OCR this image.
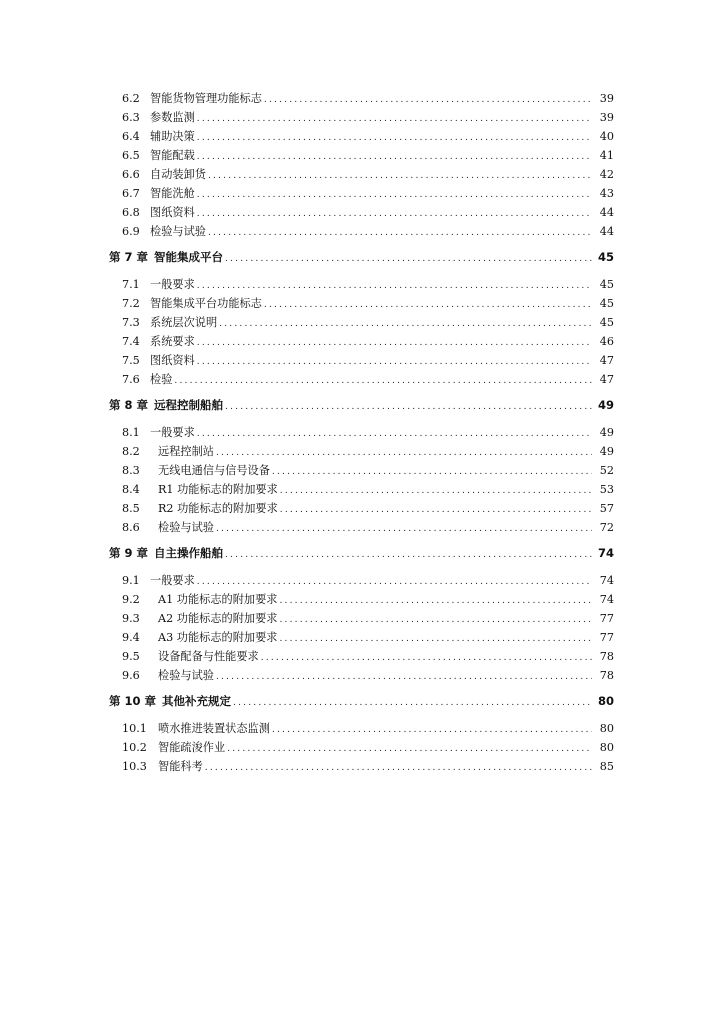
6.2 智能货物管理功能标志 .....	39
6.3 参数监测 .....	39
6.4 辅助决策 .....	40
6.5 智能配载 .....	41
6.6 自动装卸货 .....	42
6.7 智能洗舱 .....	43
6.8 图纸资料 .....	44
6.9 检验与试验 .....	44
第 7 章 智能集成平台 .....	45
7.1 一般要求 .....	45
7.2 智能集成平台功能标志 .....	45
7.3 系统层次说明 .....	45
7.4 系统要求 .....	46
7.5 图纸资料 .....	47
7.6 检验 .....	47
第 8 章 远程控制船舶 .....	49
8.1 一般要求 .....	49
8.2	远程控制站 .....	49
8.3	无线电通信与信号设备 .....	52
8.4	R1 功能标志的附加要求 .....	53
8.5	R2 功能标志的附加要求 .....	57
8.6	检验与试验 .....	72
第 9 章 自主操作船舶 .....	74
9.1 一般要求 .....	74
9.2	A1 功能标志的附加要求 .....	74
9.3	A2 功能标志的附加要求 .....	77
9.4	A3 功能标志的附加要求 .....	77
9.5	设备配备与性能要求 .....	78
9.6	检验与试验 .....	78
第 10 章 其他补充规定 .....	80
10.1 喷水推进装置状态监测 .....	80
10.2 智能疏浚作业 .....	80
10.3 智能科考 .....	85
